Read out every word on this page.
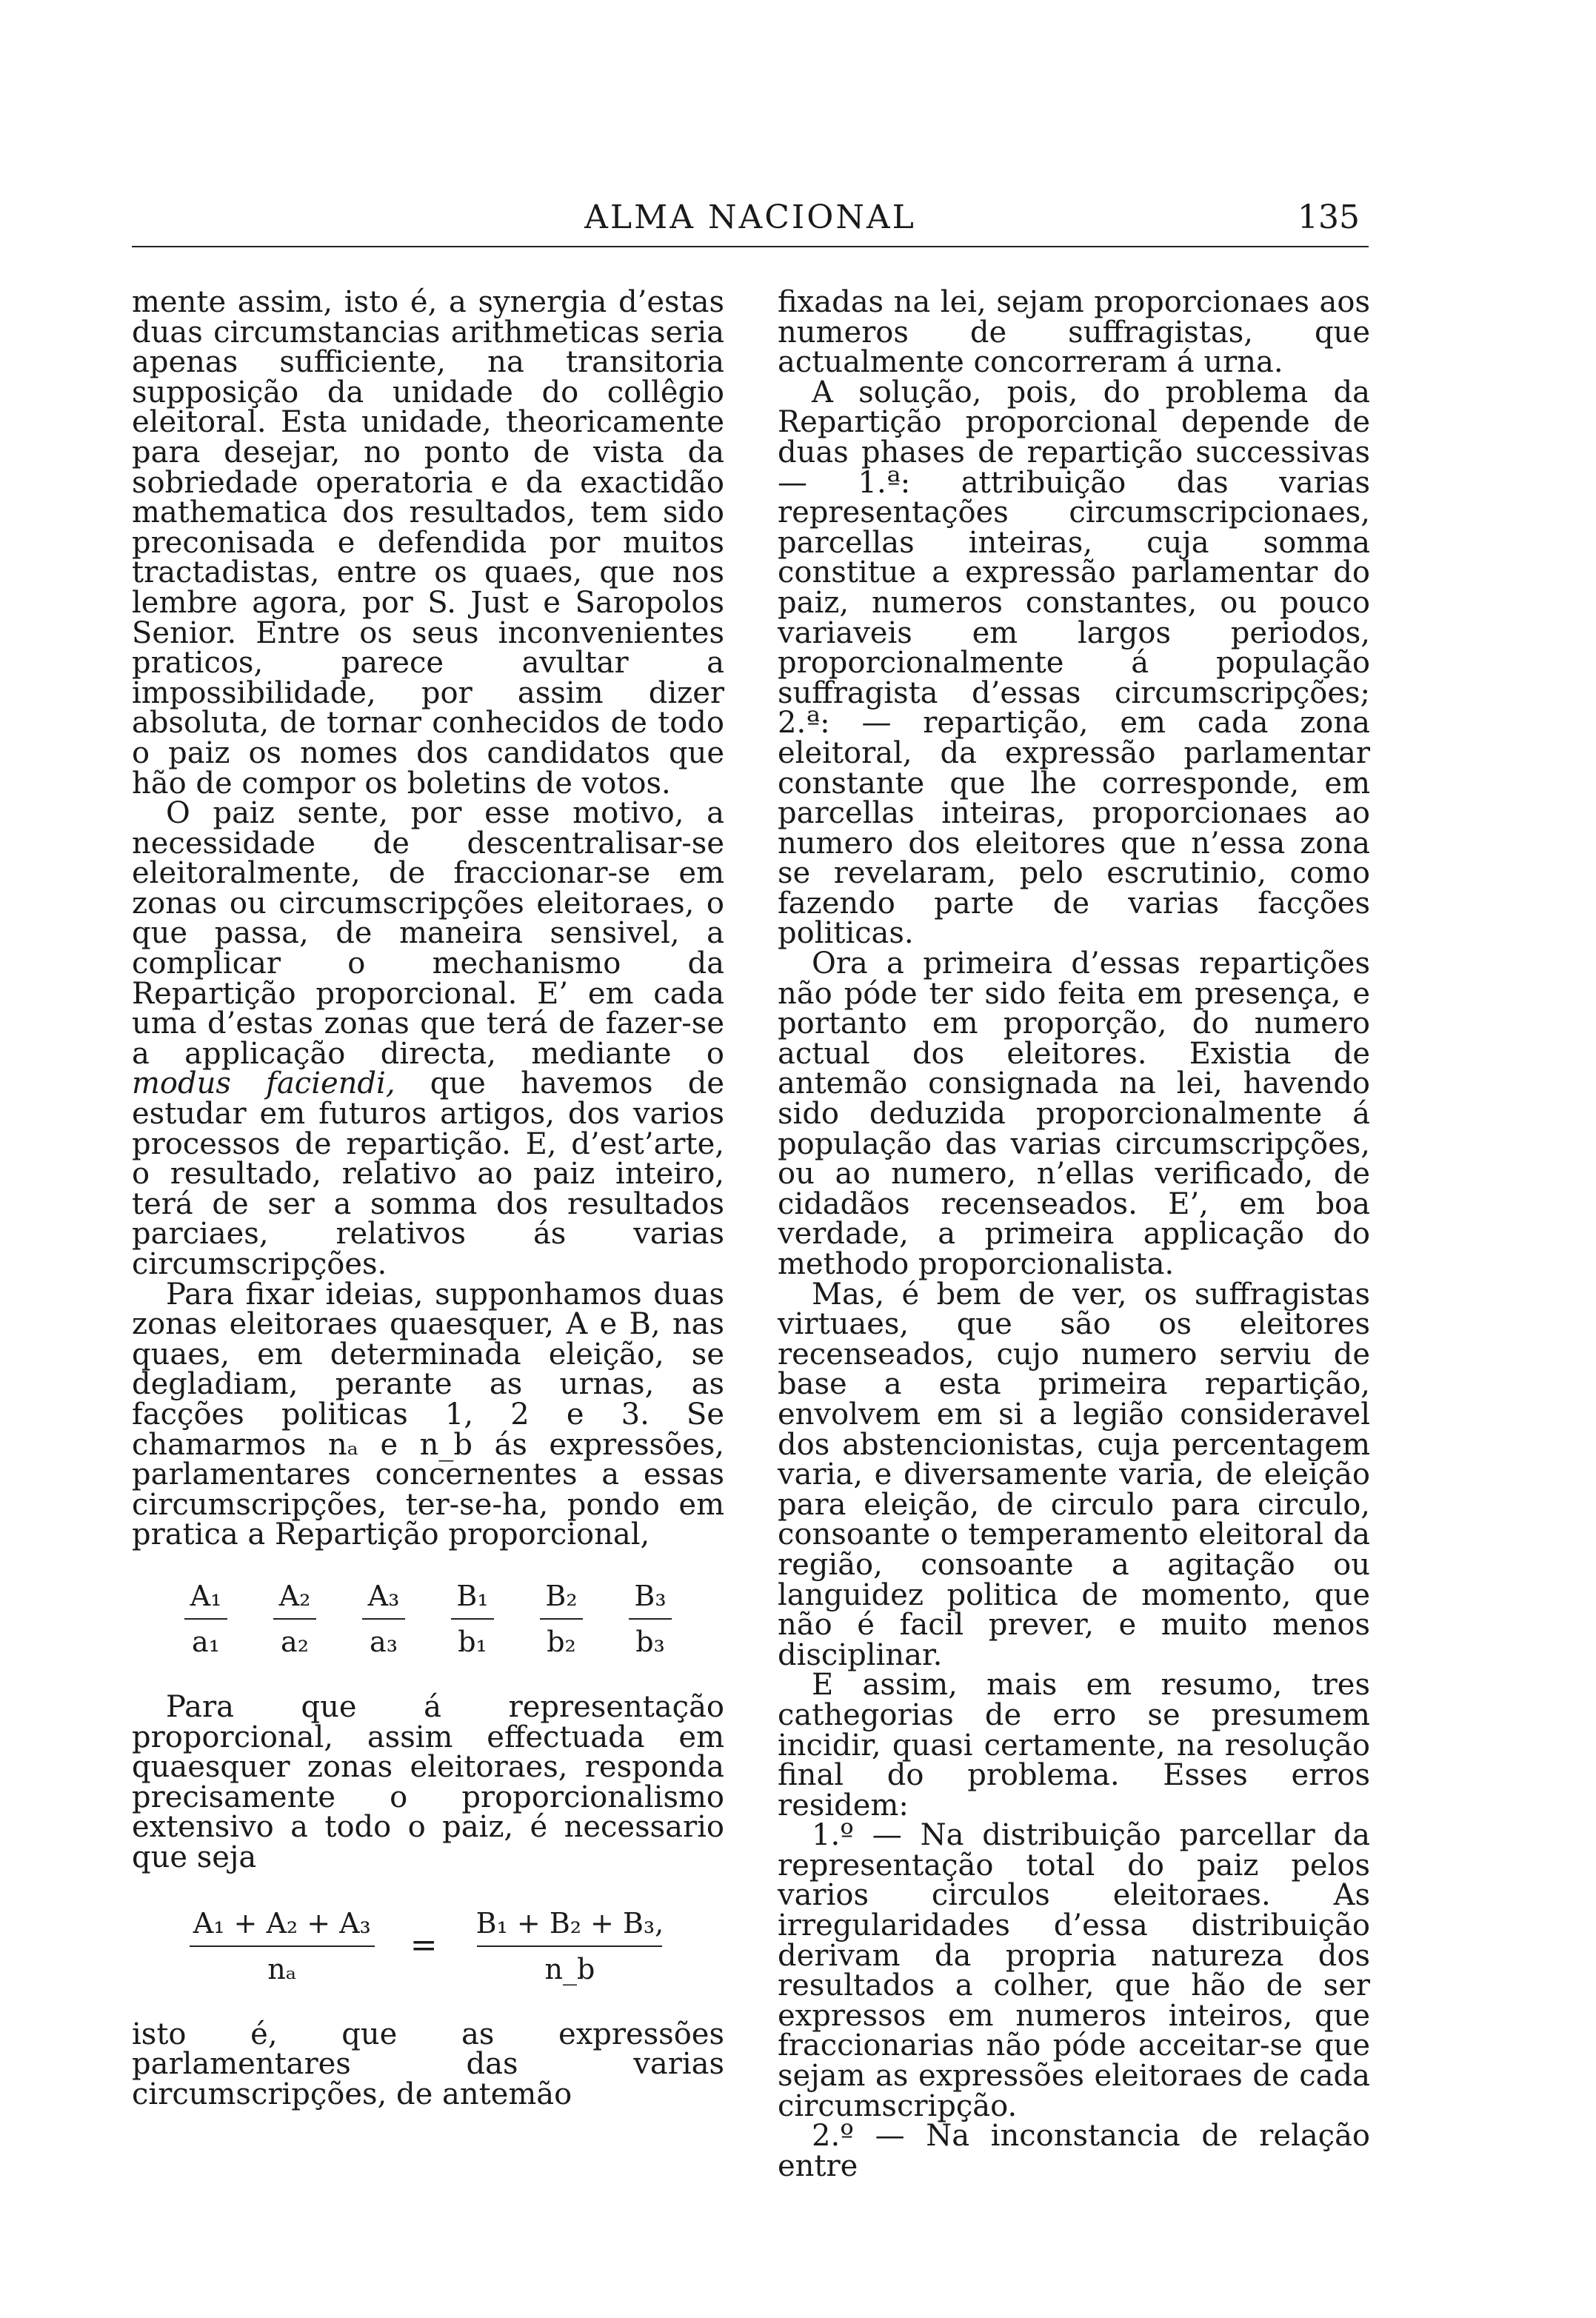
ALMA NACIONAL	135

mente assim, isto é, a synergia d’estas duas circumstancias arithmeticas seria apenas sufficiente, na transitoria supposição da unidade do collêgio eleitoral. Esta unidade, theoricamente para desejar, no ponto de vista da sobriedade operatoria e da exactidão mathematica dos resultados, tem sido preconisada e defendida por muitos tractadistas, entre os quaes, que nos lembre agora, por S. Just e Saropolos Senior. Entre os seus inconvenientes praticos, parece avultar a impossibilidade, por assim dizer absoluta, de tornar conhecidos de todo o paiz os nomes dos candidatos que hão de compor os boletins de votos.

O paiz sente, por esse motivo, a necessidade de descentralisar-se eleitoralmente, de fraccionar-se em zonas ou circumscripções eleitoraes, o que passa, de maneira sensivel, a complicar o mechanismo da Repartição proporcional. E’ em cada uma d’estas zonas que terá de fazer-se a applicação directa, mediante o modus faciendi, que havemos de estudar em futuros artigos, dos varios processos de repartição. E, d’est’arte, o resultado, relativo ao paiz inteiro, terá de ser a somma dos resultados parciaes, relativos ás varias circumscripções.

Para fixar ideias, supponhamos duas zonas eleitoraes quaesquer, A e B, nas quaes, em determinada eleição, se degladiam, perante as urnas, as facções politicas 1, 2 e 3. Se chamarmos nₐ e n_b ás expressões, parlamentares concernentes a essas circumscripções, ter-se-ha, pondo em pratica a Repartição proporcional,

$\frac{\text{A₁}}{\text{a₁}} \frac{\text{A₂}}{\text{a₂}} \frac{\text{A₃}}{\text{a₃}} \frac{\text{B₁}}{\text{b₁}} \frac{\text{B₂}}{\text{b₂}} \frac{\text{B₃}}{\text{b₃}}$

Para que á representação proporcional, assim effectuada em quaesquer zonas eleitoraes, responda precisamente o proporcionalismo extensivo a todo o paiz, é necessario que seja

$\frac{\text{A₁ + A₂ + A₃}}{\text{nₐ}} = \frac{\text{B₁ + B₂ + B₃,}}{n\_b}$

isto é, que as expressões parlamentares das varias circumscripções, de antemão

fixadas na lei, sejam proporcionaes aos numeros de suffragistas, que actualmente concorreram á urna.

A solução, pois, do problema da Repartição proporcional depende de duas phases de repartição successivas — 1.ª: attribuição das varias representações circumscripcionaes, parcellas inteiras, cuja somma constitue a expressão parlamentar do paiz, numeros constantes, ou pouco variaveis em largos periodos, proporcionalmente á população suffragista d’essas circumscripções; 2.ª: — repartição, em cada zona eleitoral, da expressão parlamentar constante que lhe corresponde, em parcellas inteiras, proporcionaes ao numero dos eleitores que n’essa zona se revelaram, pelo escrutinio, como fazendo parte de varias facções politicas.

Ora a primeira d’essas repartições não póde ter sido feita em presença, e portanto em proporção, do numero actual dos eleitores. Existia de antemão consignada na lei, havendo sido deduzida proporcionalmente á população das varias circumscripções, ou ao numero, n’ellas verificado, de cidadãos recenseados. E’, em boa verdade, a primeira applicação do methodo proporcionalista.

Mas, é bem de ver, os suffragistas virtuaes, que são os eleitores recenseados, cujo numero serviu de base a esta primeira repartição, envolvem em si a legião consideravel dos abstencionistas, cuja percentagem varia, e diversamente varia, de eleição para eleição, de circulo para circulo, consoante o temperamento eleitoral da região, consoante a agitação ou languidez politica de momento, que não é facil prever, e muito menos disciplinar.

E assim, mais em resumo, tres cathegorias de erro se presumem incidir, quasi certamente, na resolução final do problema. Esses erros residem:

1.º — Na distribuição parcellar da representação total do paiz pelos varios circulos eleitoraes. As irregularidades d’essa distribuição derivam da propria natureza dos resultados a colher, que hão de ser expressos em numeros inteiros, que fraccionarias não póde acceitar-se que sejam as expressões eleitoraes de cada circumscripção.

2.º — Na inconstancia de relação entre
